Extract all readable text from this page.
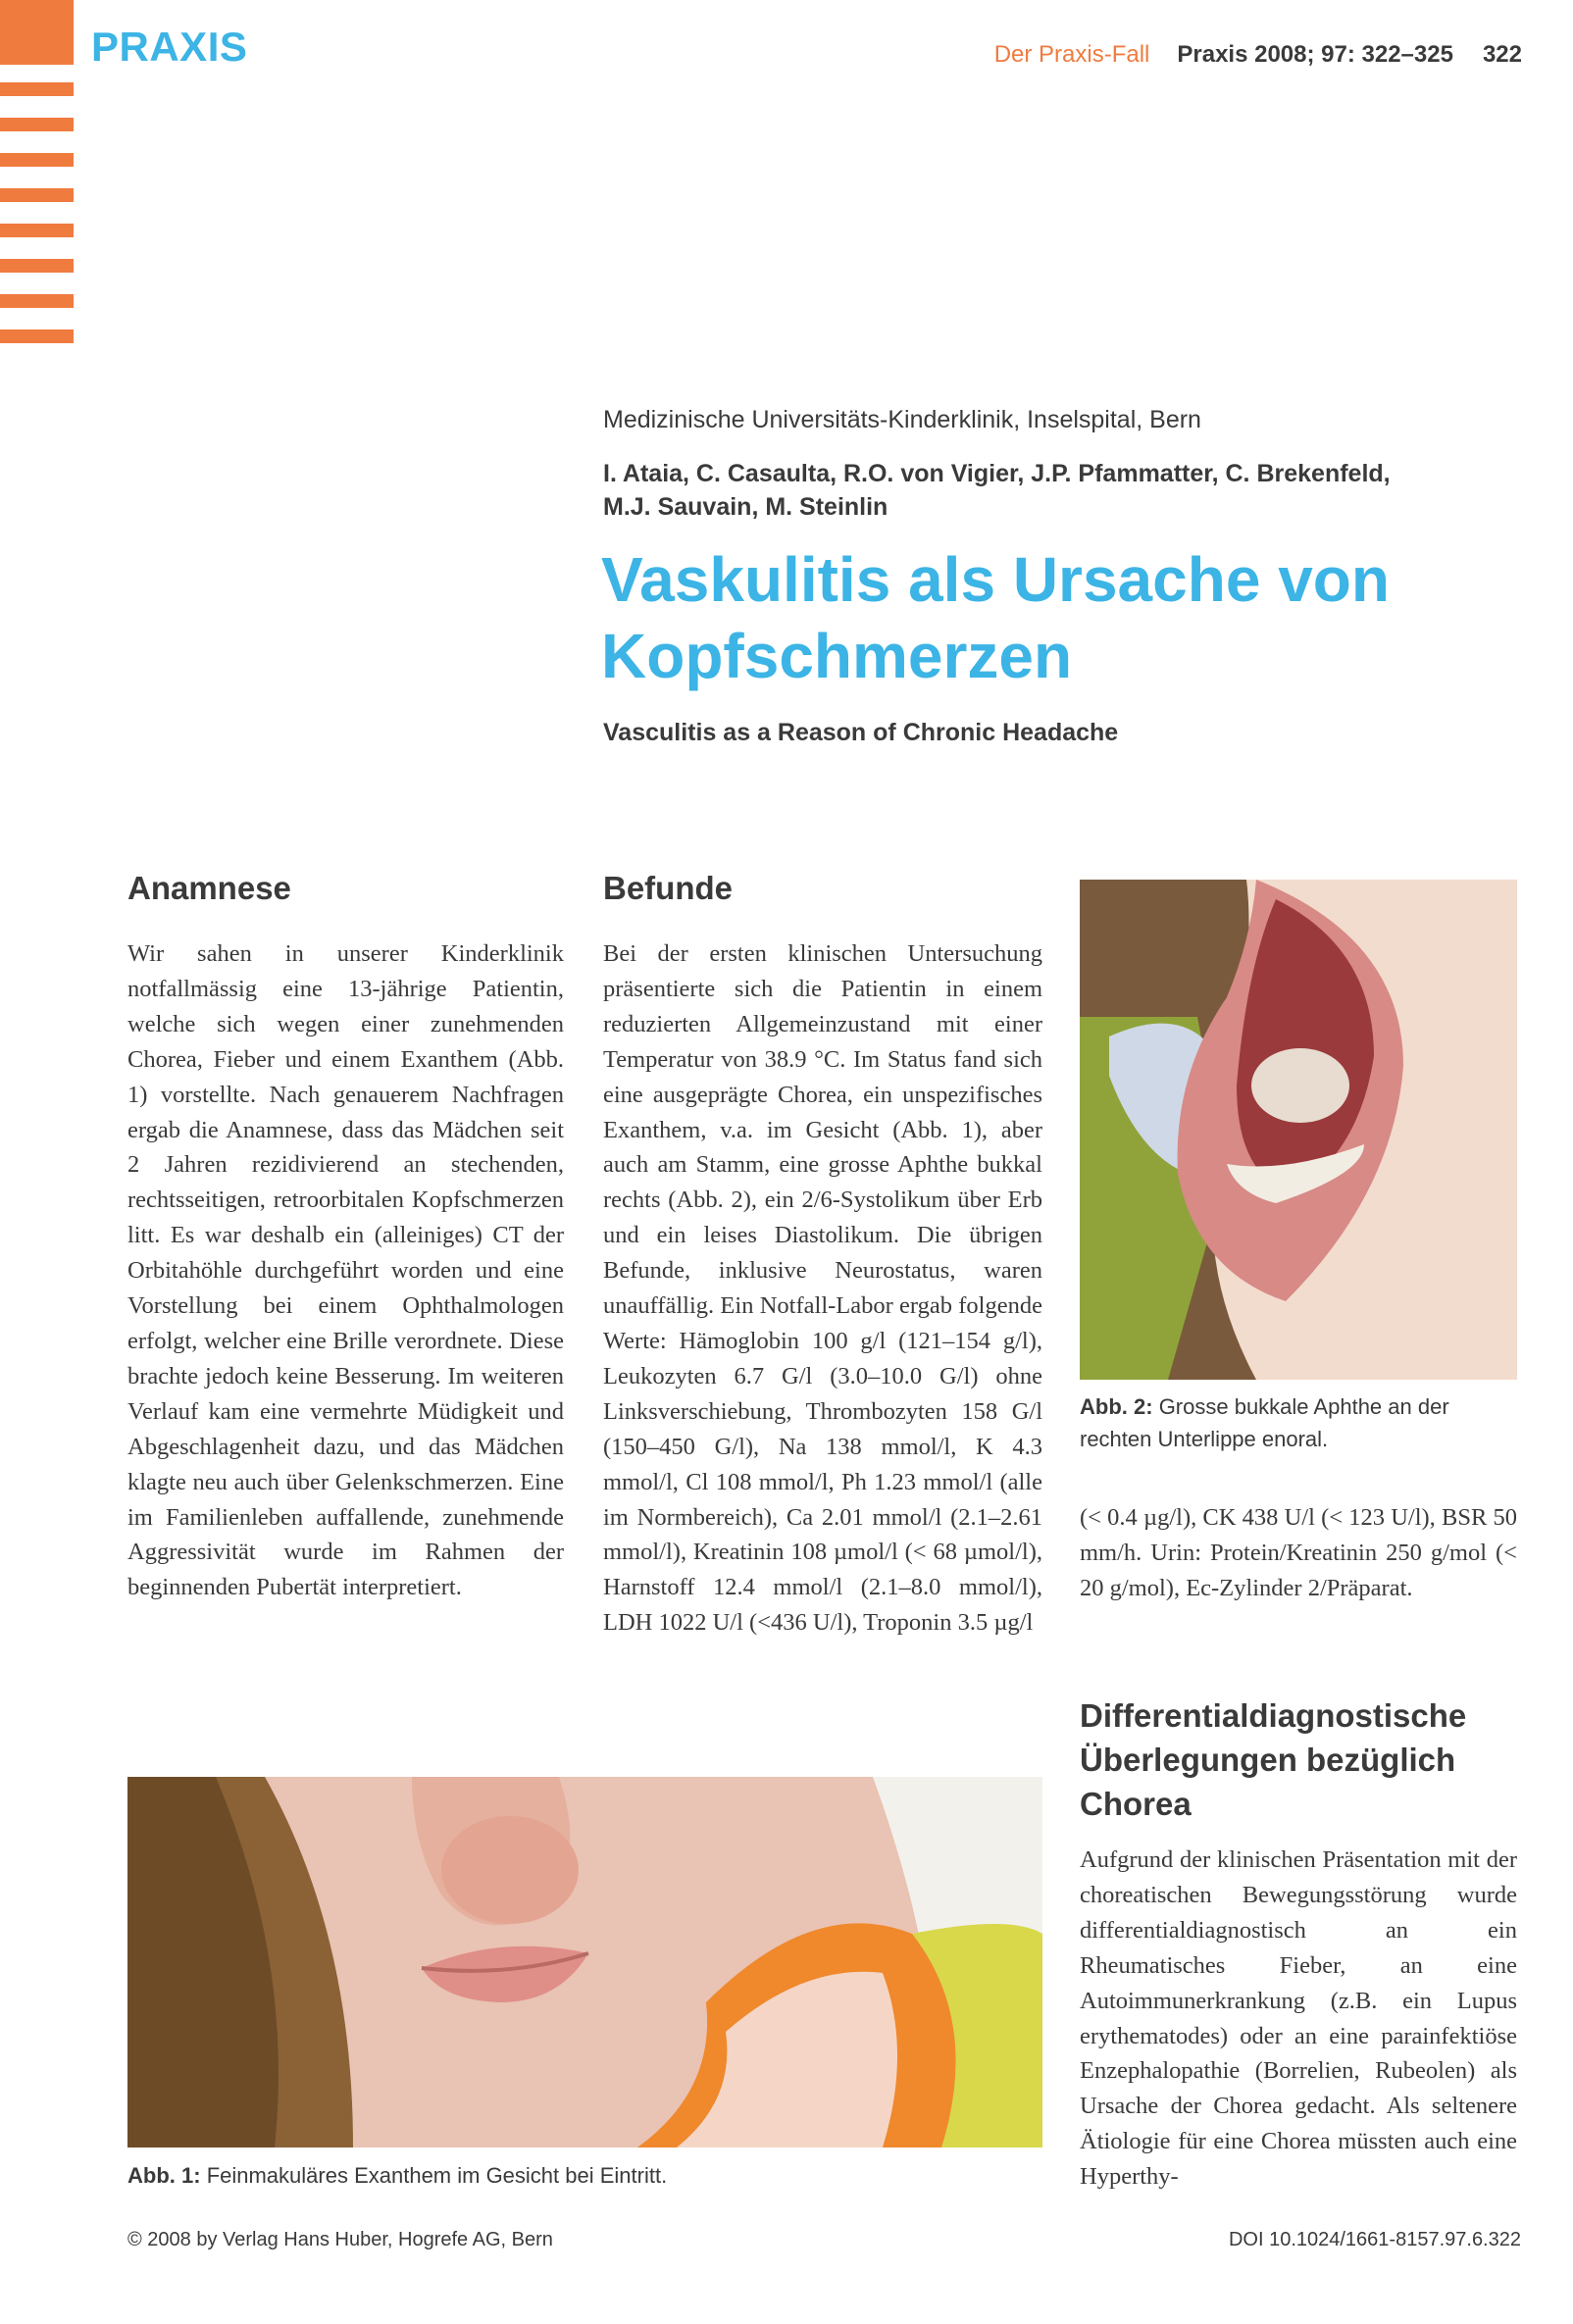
PRAXIS	Der Praxis-Fall Praxis 2008; 97: 322–325 322
Medizinische Universitäts-Kinderklinik, Inselspital, Bern
I. Ataia, C. Casaulta, R.O. von Vigier, J.P. Pfammatter, C. Brekenfeld, M.J. Sauvain, M. Steinlin
Vaskulitis als Ursache von Kopfschmerzen
Vasculitis as a Reason of Chronic Headache
Anamnese
Wir sahen in unserer Kinderklinik notfallmässig eine 13-jährige Patientin, welche sich wegen einer zunehmenden Chorea, Fieber und einem Exanthem (Abb. 1) vorstellte. Nach genauerem Nachfragen ergab die Anamnese, dass das Mädchen seit 2 Jahren rezidivierend an stechenden, rechtsseitigen, retroorbitalen Kopfschmerzen litt. Es war deshalb ein (alleiniges) CT der Orbitahöhle durchgeführt worden und eine Vorstellung bei einem Ophthalmologen erfolgt, welcher eine Brille verordnete. Diese brachte jedoch keine Besserung. Im weiteren Verlauf kam eine vermehrte Müdigkeit und Abgeschlagenheit dazu, und das Mädchen klagte neu auch über Gelenkschmerzen. Eine im Familienleben auffallende, zunehmende Aggressivität wurde im Rahmen der beginnenden Pubertät interpretiert.
Befunde
Bei der ersten klinischen Untersuchung präsentierte sich die Patientin in einem reduzierten Allgemeinzustand mit einer Temperatur von 38.9 °C. Im Status fand sich eine ausgeprägte Chorea, ein unspezifisches Exanthem, v.a. im Gesicht (Abb. 1), aber auch am Stamm, eine grosse Aphthe bukkal rechts (Abb. 2), ein 2/6-Systolikum über Erb und ein leises Diastolikum. Die übrigen Befunde, inklusive Neurostatus, waren unauffällig. Ein Notfall-Labor ergab folgende Werte: Hämoglobin 100 g/l (121–154 g/l), Leukozyten 6.7 G/l (3.0–10.0 G/l) ohne Linksverschiebung, Thrombozyten 158 G/l (150–450 G/l), Na 138 mmol/l, K 4.3 mmol/l, Cl 108 mmol/l, Ph 1.23 mmol/l (alle im Normbereich), Ca 2.01 mmol/l (2.1–2.61 mmol/l), Kreatinin 108 µmol/l (< 68 µmol/l), Harnstoff 12.4 mmol/l (2.1–8.0 mmol/l), LDH 1022 U/l (<436 U/l), Troponin 3.5 µg/l
Abb. 2: Grosse bukkale Aphthe an der rechten Unterlippe enoral.
(< 0.4 µg/l), CK 438 U/l (< 123 U/l), BSR 50 mm/h. Urin: Protein/Kreatinin 250 g/mol (< 20 g/mol), Ec-Zylinder 2/Präparat.
Differentialdiagnostische Überlegungen bezüglich Chorea
Aufgrund der klinischen Präsentation mit der choreatischen Bewegungsstörung wurde differentialdiagnostisch an ein Rheumatisches Fieber, an eine Autoimmunerkrankung (z.B. ein Lupus erythematodes) oder an eine parainfektiöse Enzephalopathie (Borrelien, Rubeolen) als Ursache der Chorea gedacht. Als seltenere Ätiologie für eine Chorea müssten auch eine Hyperthy-
Abb. 1: Feinmakuläres Exanthem im Gesicht bei Eintritt.
© 2008 by Verlag Hans Huber, Hogrefe AG, Bern	DOI 10.1024/1661-8157.97.6.322
